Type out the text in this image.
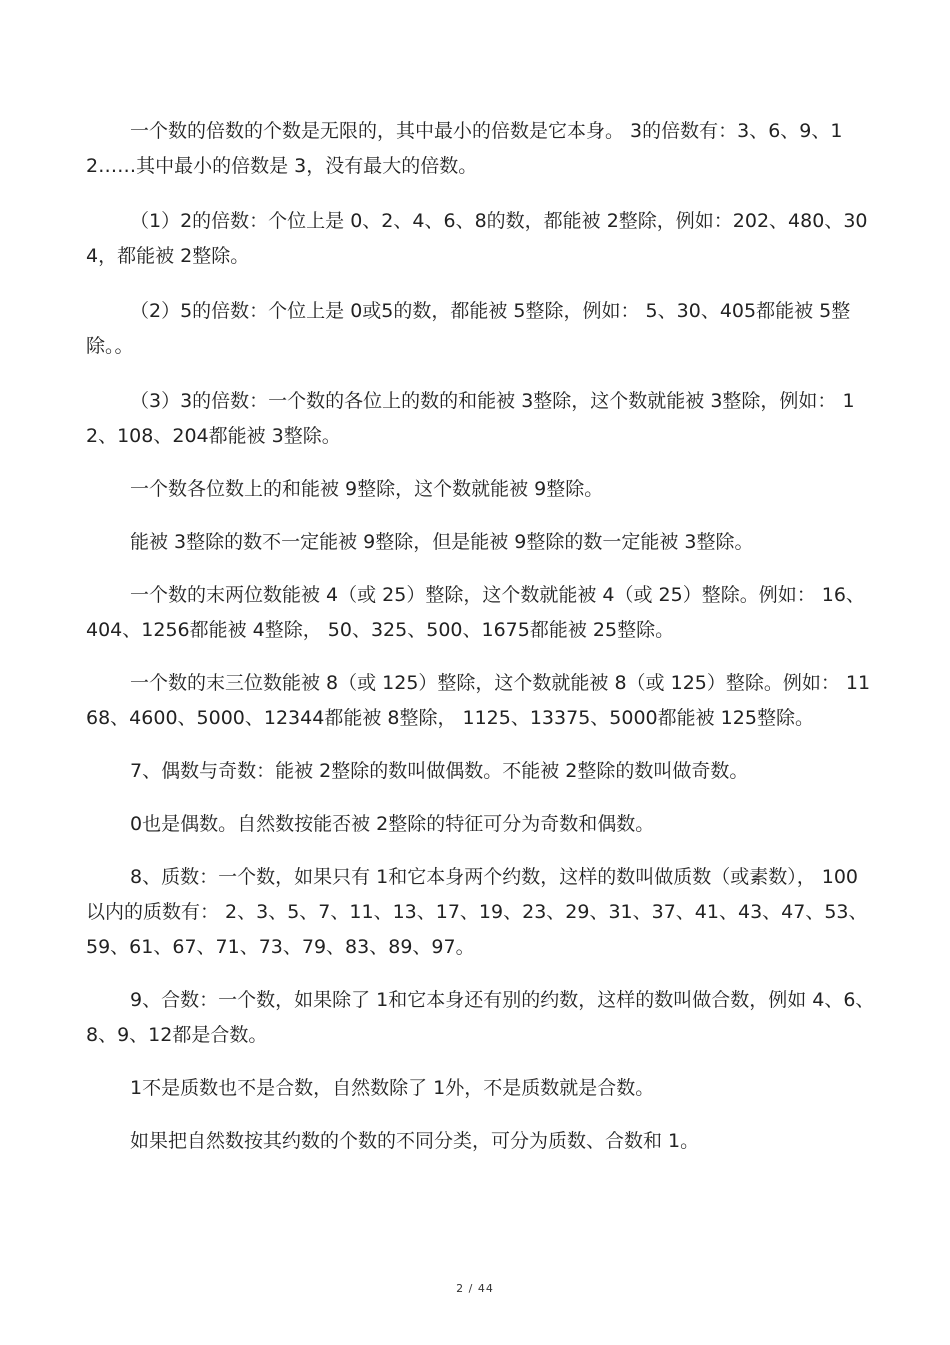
一个数的倍数的个数是无限的，其中最小的倍数是它本身。 3的倍数有：3、6、9、12……其中最小的倍数是 3，没有最大的倍数。

（1）2的倍数：个位上是 0、2、4、6、8的数，都能被 2整除，例如：202、480、304，都能被 2整除。

（2）5的倍数：个位上是 0或5的数，都能被 5整除，例如： 5、30、405都能被 5整除。。

（3）3的倍数：一个数的各位上的数的和能被 3整除，这个数就能被 3整除，例如： 12、108、204都能被 3整除。

一个数各位数上的和能被 9整除，这个数就能被 9整除。

能被 3整除的数不一定能被 9整除，但是能被 9整除的数一定能被 3整除。

一个数的末两位数能被 4（或 25）整除，这个数就能被 4（或 25）整除。例如： 16、404、1256都能被 4整除， 50、325、500、1675都能被 25整除。

一个数的末三位数能被 8（或 125）整除，这个数就能被 8（或 125）整除。例如： 1168、4600、5000、12344都能被 8整除， 1125、13375、5000都能被 125整除。

7、偶数与奇数：能被 2整除的数叫做偶数。不能被 2整除的数叫做奇数。

0也是偶数。自然数按能否被 2整除的特征可分为奇数和偶数。

8、质数：一个数，如果只有 1和它本身两个约数，这样的数叫做质数（或素数）， 100以内的质数有： 2、3、5、7、11、13、17、19、23、29、31、37、41、43、47、53、59、61、67、71、73、79、83、89、97。

9、合数：一个数，如果除了 1和它本身还有别的约数，这样的数叫做合数，例如 4、6、8、9、12都是合数。

1不是质数也不是合数，自然数除了 1外，不是质数就是合数。

如果把自然数按其约数的个数的不同分类，可分为质数、合数和 1。

2 / 44
